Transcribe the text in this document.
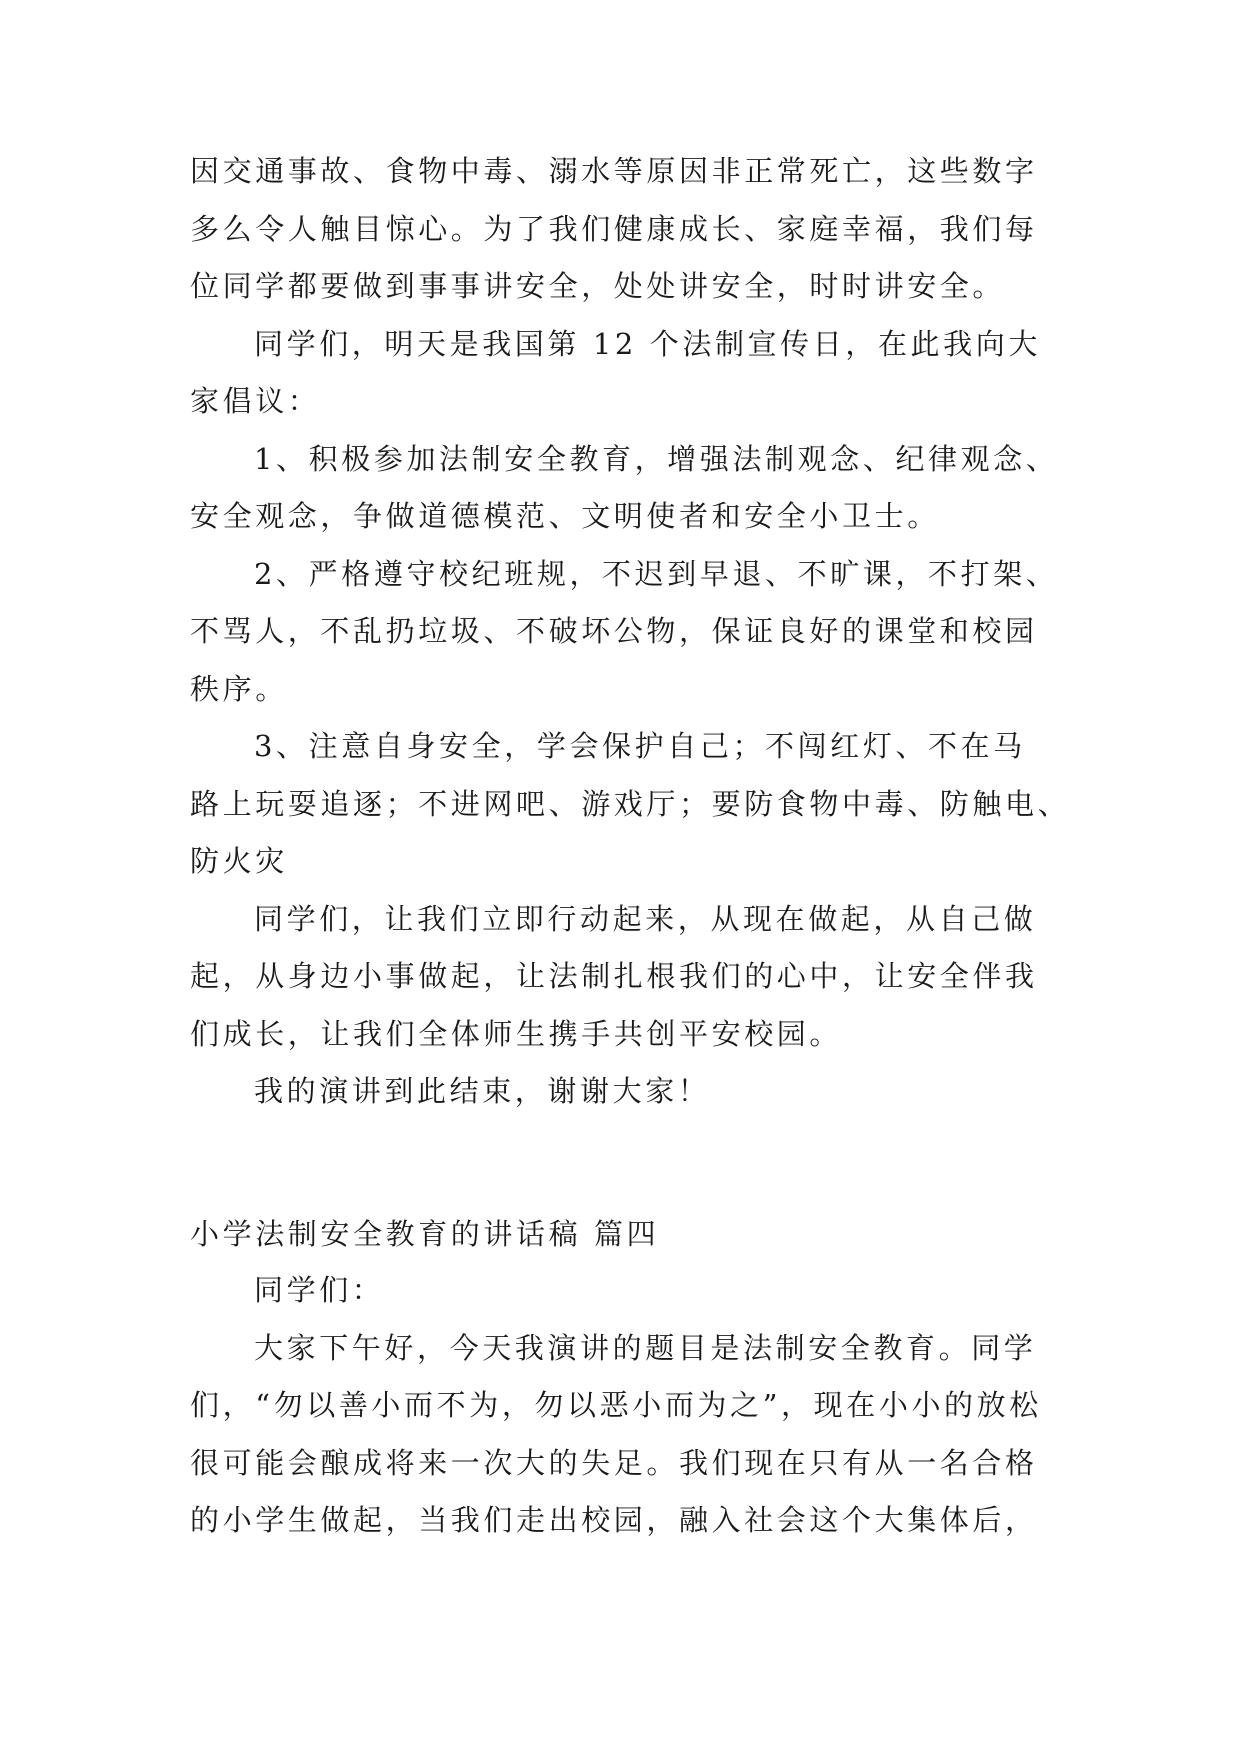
因交通事故、食物中毒、溺水等原因非正常死亡，这些数字
多么令人触目惊心。为了我们健康成长、家庭幸福，我们每
位同学都要做到事事讲安全，处处讲安全，时时讲安全。
同学们，明天是我国第 12 个法制宣传日，在此我向大
家倡议：
1、积极参加法制安全教育，增强法制观念、纪律观念、
安全观念，争做道德模范、文明使者和安全小卫士。
2、严格遵守校纪班规，不迟到早退、不旷课，不打架、
不骂人，不乱扔垃圾、不破坏公物，保证良好的课堂和校园
秩序。
3、注意自身安全，学会保护自己；不闯红灯、不在马
路上玩耍追逐；不进网吧、游戏厅；要防食物中毒、防触电、
防火灾
同学们，让我们立即行动起来，从现在做起，从自己做
起，从身边小事做起，让法制扎根我们的心中，让安全伴我
们成长，让我们全体师生携手共创平安校园。
我的演讲到此结束，谢谢大家！
小学法制安全教育的讲话稿 篇四
同学们：
大家下午好，今天我演讲的题目是法制安全教育。同学
们，“勿以善小而不为，勿以恶小而为之”，现在小小的放松
很可能会酿成将来一次大的失足。我们现在只有从一名合格
的小学生做起，当我们走出校园，融入社会这个大集体后，
